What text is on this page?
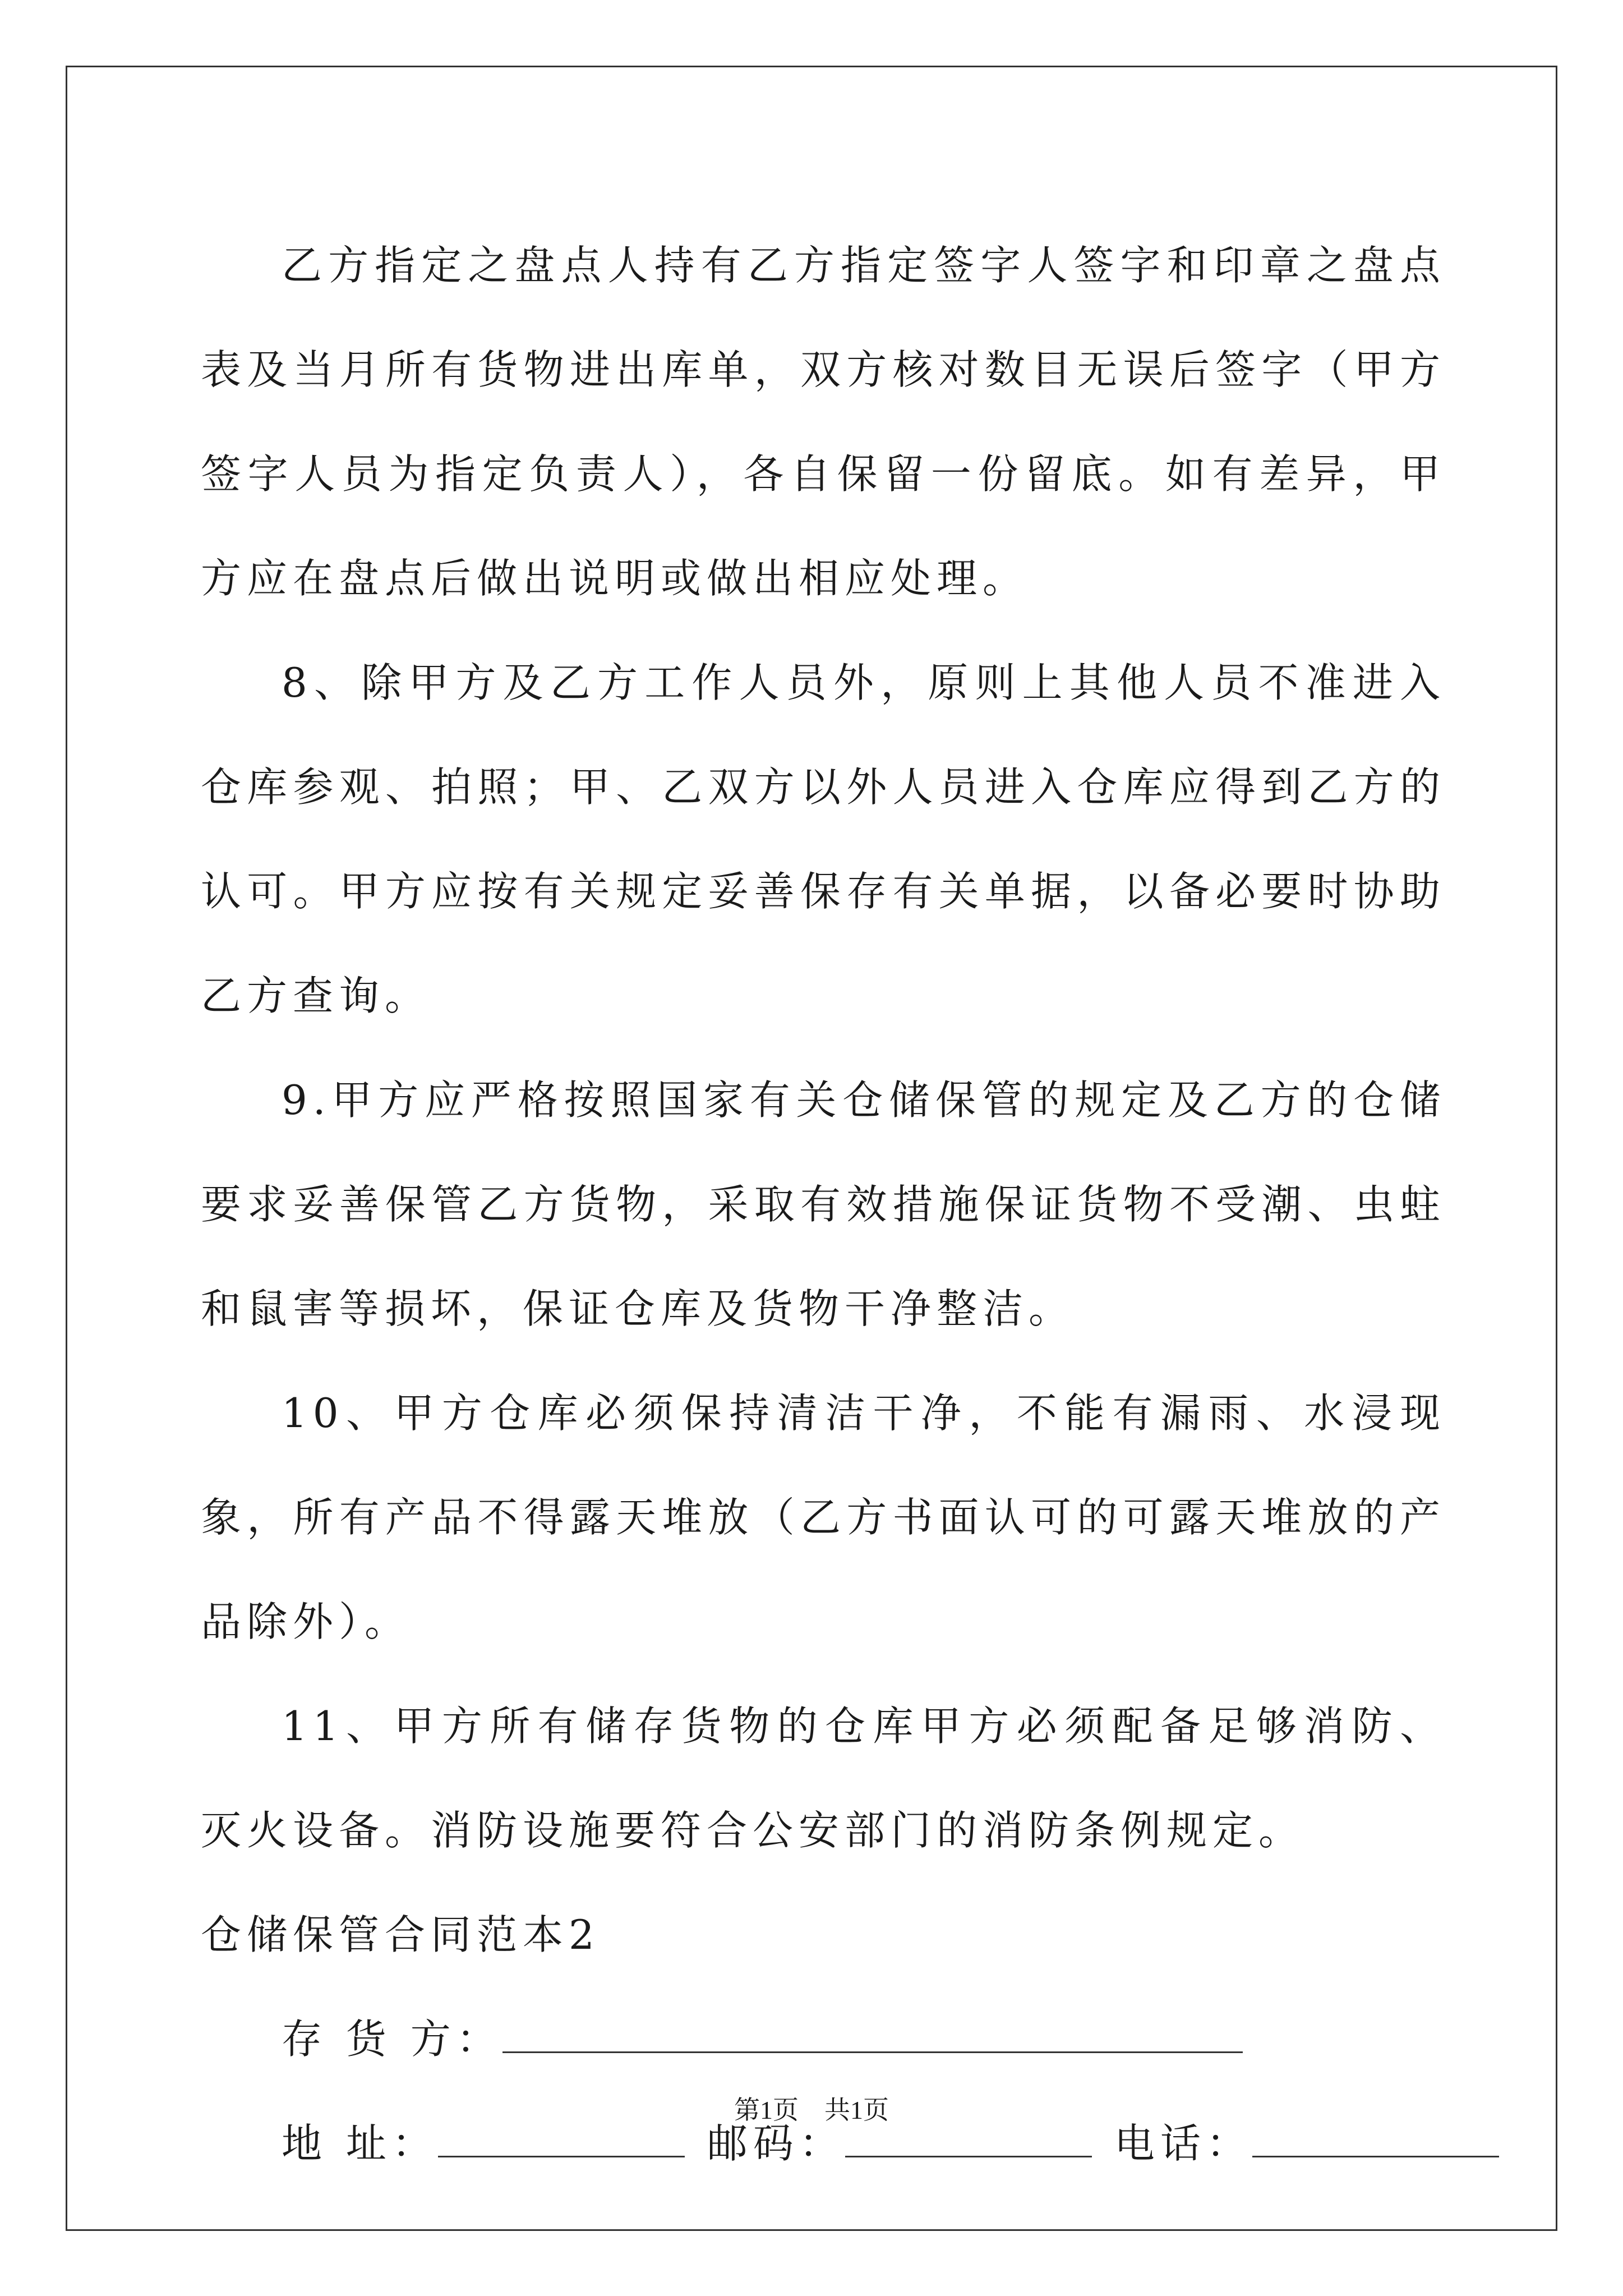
乙方指定之盘点人持有乙方指定签字人签字和印章之盘点表及当月所有货物进出库单，双方核对数目无误后签字（甲方签字人员为指定负责人），各自保留一份留底。如有差异，甲方应在盘点后做出说明或做出相应处理。

8、除甲方及乙方工作人员外，原则上其他人员不准进入仓库参观、拍照；甲、乙双方以外人员进入仓库应得到乙方的认可。甲方应按有关规定妥善保存有关单据，以备必要时协助乙方查询。

9.甲方应严格按照国家有关仓储保管的规定及乙方的仓储要求妥善保管乙方货物，采取有效措施保证货物不受潮、虫蛀和鼠害等损坏，保证仓库及货物干净整洁。

10、甲方仓库必须保持清洁干净，不能有漏雨、水浸现象，所有产品不得露天堆放（乙方书面认可的可露天堆放的产品除外）。

11、甲方所有储存货物的仓库甲方必须配备足够消防、灭火设备。消防设施要符合公安部门的消防条例规定。

仓储保管合同范本2

存 货 方：
地 址：	邮码：	电话：
第1页　共1页
